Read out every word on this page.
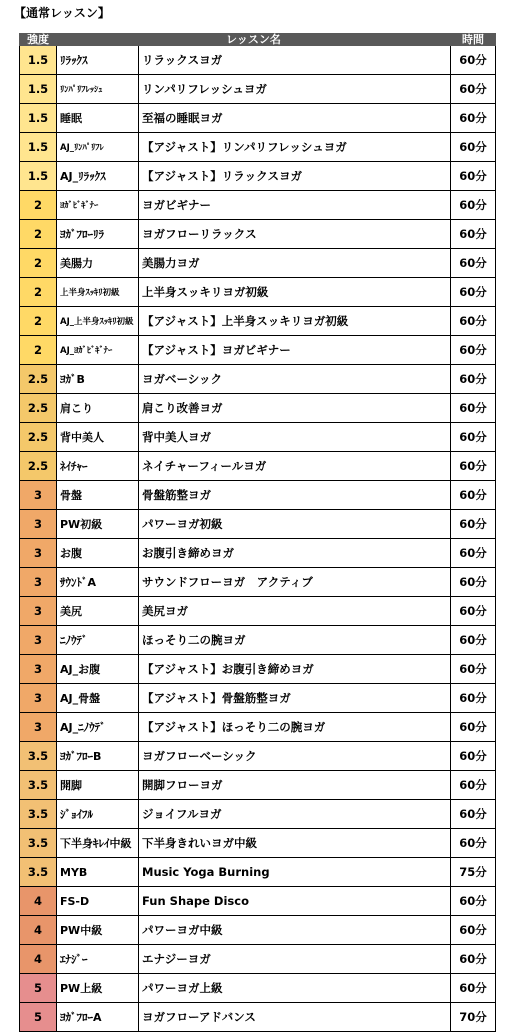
【通常レッスン】
強度	レッスン名		時間
1.5	ﾘﾗｯｸｽ	リラックスヨガ	60分
1.5	ﾘﾝﾊﾟﾘﾌﾚｯｼｭ	リンパリフレッシュヨガ	60分
1.5	睡眠	至福の睡眠ヨガ	60分
1.5	AJ_ﾘﾝﾊﾟﾘﾌﾚ	【アジャスト】リンパリフレッシュヨガ	60分
1.5	AJ_ﾘﾗｯｸｽ	【アジャスト】リラックスヨガ	60分
2	ﾖｶﾞﾋﾞｷﾞﾅｰ	ヨガビギナー	60分
2	ﾖｶﾞﾌﾛｰﾘﾗ	ヨガフローリラックス	60分
2	美腸力	美腸力ヨガ	60分
2	上半身ｽｯｷﾘ初級	上半身スッキリヨガ初級	60分
2	AJ_上半身ｽｯｷﾘ初級	【アジャスト】上半身スッキリヨガ初級	60分
2	AJ_ﾖｶﾞﾋﾞｷﾞﾅｰ	【アジャスト】ヨガビギナー	60分
2.5	ﾖｶﾞB	ヨガベーシック	60分
2.5	肩こり	肩こり改善ヨガ	60分
2.5	背中美人	背中美人ヨガ	60分
2.5	ﾈｲﾁｬｰ	ネイチャーフィールヨガ	60分
3	骨盤	骨盤筋整ヨガ	60分
3	PW初級	パワーヨガ初級	60分
3	お腹	お腹引き締めヨガ	60分
3	ｻｳﾝﾄﾞA	サウンドフローヨガ　アクティブ	60分
3	美尻	美尻ヨガ	60分
3	ﾆﾉｳﾃﾞ	ほっそり二の腕ヨガ	60分
3	AJ_お腹	【アジャスト】お腹引き締めヨガ	60分
3	AJ_骨盤	【アジャスト】骨盤筋整ヨガ	60分
3	AJ_ﾆﾉｳﾃﾞ	【アジャスト】ほっそり二の腕ヨガ	60分
3.5	ﾖｶﾞﾌﾛｰB	ヨガフローベーシック	60分
3.5	開脚	開脚フローヨガ	60分
3.5	ｼﾞｮｲﾌﾙ	ジョイフルヨガ	60分
3.5	下半身ｷﾚｲ中級	下半身きれいヨガ中級	60分
3.5	MYB	Music Yoga Burning	75分
4	FS-D	Fun Shape Disco	60分
4	PW中級	パワーヨガ中級	60分
4	ｴﾅｼﾞｰ	エナジーヨガ	60分
5	PW上級	パワーヨガ上級	60分
5	ﾖｶﾞﾌﾛｰA	ヨガフローアドバンス	70分
